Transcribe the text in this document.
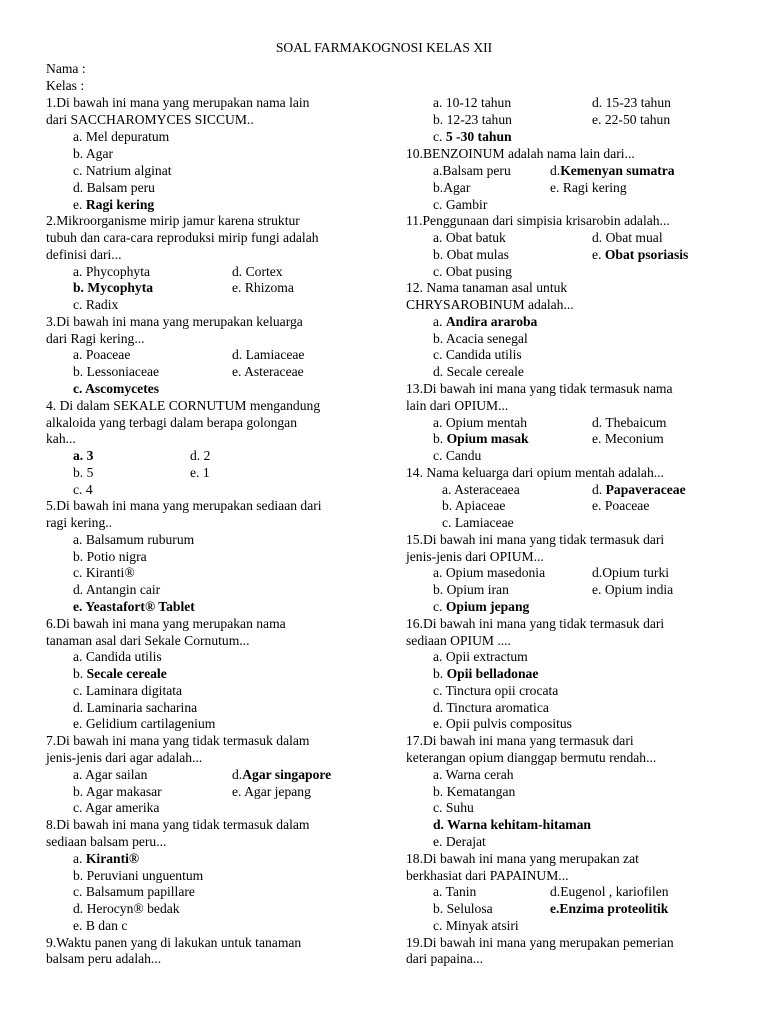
SOAL FARMAKOGNOSI KELAS XII
Nama :
Kelas :
1.Di bawah ini mana yang merupakan nama lain
dari SACCHAROMYCES SICCUM..
a. Mel depuratum
b. Agar
c. Natrium alginat
d. Balsam peru
e. Ragi kering
2.Mikroorganisme mirip jamur karena struktur
tubuh dan cara-cara reproduksi mirip fungi adalah
definisi dari...
a. Phycophyta	d. Cortex
b. Mycophyta	e. Rhizoma
c. Radix
3.Di bawah ini mana yang merupakan keluarga
dari Ragi kering...
a. Poaceae	d. Lamiaceae
b. Lessoniaceae	e. Asteraceae
c. Ascomycetes
4. Di dalam SEKALE CORNUTUM mengandung
alkaloida yang terbagi dalam berapa golongan
kah...
a. 3	d. 2
b. 5	e. 1
c. 4
5.Di bawah ini mana yang merupakan sediaan dari
ragi kering..
a. Balsamum ruburum
b. Potio nigra
c. Kiranti®
d. Antangin cair
e. Yeastafort® Tablet
6.Di bawah ini mana yang merupakan nama
tanaman asal dari Sekale Cornutum...
a. Candida utilis
b. Secale cereale
c. Laminara digitata
d. Laminaria sacharina
e. Gelidium cartilagenium
7.Di bawah ini mana yang tidak termasuk dalam
jenis-jenis dari agar adalah...
a. Agar sailan	d.Agar singapore
b. Agar makasar	e. Agar jepang
c. Agar amerika
8.Di bawah ini mana yang tidak termasuk dalam
sediaan balsam peru...
a. Kiranti®
b. Peruviani unguentum
c. Balsamum papillare
d. Herocyn® bedak
e. B dan c
9.Waktu panen yang di lakukan untuk tanaman
balsam peru adalah...
a. 10-12 tahun	d. 15-23 tahun
b. 12-23 tahun	e. 22-50 tahun
c. 5 -30 tahun
10.BENZOINUM adalah nama lain dari...
a.Balsam peru	d.Kemenyan sumatra
b.Agar	e. Ragi kering
c. Gambir
11.Penggunaan dari simpisia krisarobin adalah...
a. Obat batuk	d. Obat mual
b. Obat mulas	e. Obat psoriasis
c. Obat pusing
12. Nama tanaman asal untuk
CHRYSAROBINUM adalah...
a. Andira araroba
b. Acacia senegal
c. Candida utilis
d. Secale cereale
13.Di bawah ini mana yang tidak termasuk nama
lain dari OPIUM...
a. Opium mentah	d. Thebaicum
b. Opium masak	e. Meconium
c. Candu
14. Nama keluarga dari opium mentah adalah...
a. Asteraceaea	d. Papaveraceae
b. Apiaceae	e. Poaceae
c. Lamiaceae
15.Di bawah ini mana yang tidak termasuk dari
jenis-jenis dari OPIUM...
a. Opium masedonia	d.Opium turki
b. Opium iran	e. Opium india
c. Opium jepang
16.Di bawah ini mana yang tidak termasuk dari
sediaan OPIUM ....
a. Opii extractum
b. Opii belladonae
c. Tinctura opii crocata
d. Tinctura aromatica
e. Opii pulvis compositus
17.Di bawah ini mana yang termasuk dari
keterangan opium dianggap bermutu rendah...
a. Warna cerah
b. Kematangan
c. Suhu
d. Warna kehitam-hitaman
e. Derajat
18.Di bawah ini mana yang merupakan zat
berkhasiat dari PAPAINUM...
a. Tanin	d.Eugenol , kariofilen
b. Selulosa	e.Enzima proteolitik
c. Minyak atsiri
19.Di bawah ini mana yang merupakan pemerian
dari papaina...
